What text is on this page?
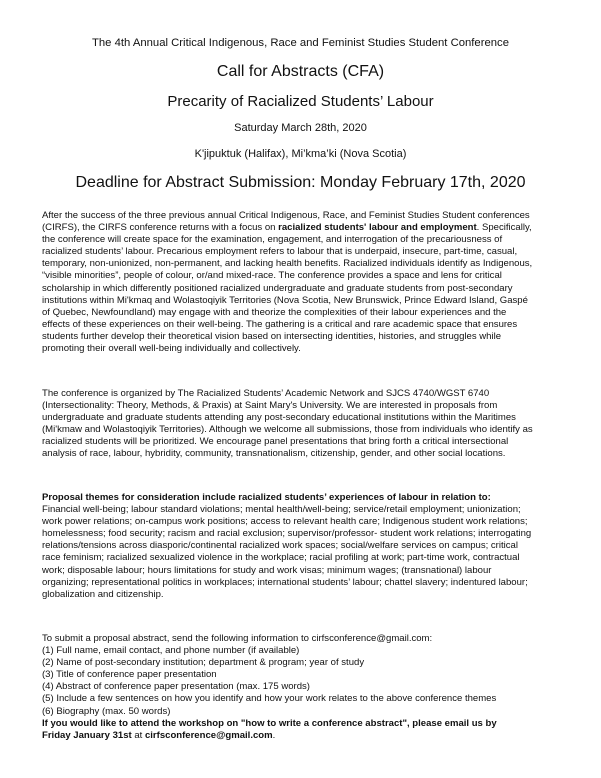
The 4th Annual Critical Indigenous, Race and Feminist Studies Student Conference
Call for Abstracts (CFA)
Precarity of Racialized Students’ Labour
Saturday March 28th, 2020
K'jipuktuk (Halifax), Mi’kma’ki (Nova Scotia)
Deadline for Abstract Submission: Monday February 17th, 2020
After the success of the three previous annual Critical Indigenous, Race, and Feminist Studies Student conferences
(CIRFS), the CIRFS conference returns with a focus on racialized students' labour and employment. Specifically,
the conference will create space for the examination, engagement, and interrogation of the precariousness of
racialized students’ labour. Precarious employment refers to labour that is underpaid, insecure, part-time, casual,
temporary, non-unionized, non-permanent, and lacking health benefits. Racialized individuals identify as Indigenous,
“visible minorities”, people of colour, or/and mixed-race. The conference provides a space and lens for critical
scholarship in which differently positioned racialized undergraduate and graduate students from post-secondary
institutions within Mi'kmaq and Wolastoqiyik Territories (Nova Scotia, New Brunswick, Prince Edward Island, Gaspé
of Quebec, Newfoundland) may engage with and theorize the complexities of their labour experiences and the
effects of these experiences on their well-being. The gathering is a critical and rare academic space that ensures
students further develop their theoretical vision based on intersecting identities, histories, and struggles while
promoting their overall well-being individually and collectively.
The conference is organized by The Racialized Students’ Academic Network and SJCS 4740/WGST 6740
(Intersectionality: Theory, Methods, & Praxis) at Saint Mary's University. We are interested in proposals from
undergraduate and graduate students attending any post-secondary educational institutions within the Maritimes
(Mi'kmaw and Wolastoqiyik Territories). Although we welcome all submissions, those from individuals who identify as
racialized students will be prioritized. We encourage panel presentations that bring forth a critical intersectional
analysis of race, labour, hybridity, community, transnationalism, citizenship, gender, and other social locations.
Proposal themes for consideration include racialized students’ experiences of labour in relation to:
Financial well-being; labour standard violations; mental health/well-being; service/retail employment; unionization;
work power relations; on-campus work positions; access to relevant health care; Indigenous student work relations;
homelessness; food security; racism and racial exclusion; supervisor/professor- student work relations; interrogating
relations/tensions across diasporic/continental racialized work spaces; social/welfare services on campus; critical
race feminism; racialized sexualized violence in the workplace; racial profiling at work; part-time work, contractual
work; disposable labour; hours limitations for study and work visas; minimum wages; (transnational) labour
organizing; representational politics in workplaces; international students’ labour; chattel slavery; indentured labour;
globalization and citizenship.
To submit a proposal abstract, send the following information to cirfsconference@gmail.com:
(1) Full name, email contact, and phone number (if available)
(2) Name of post-secondary institution; department & program; year of study
(3) Title of conference paper presentation
(4) Abstract of conference paper presentation (max. 175 words)
(5) Include a few sentences on how you identify and how your work relates to the above conference themes
(6) Biography (max. 50 words)
If you would like to attend the workshop on "how to write a conference abstract", please email us by
Friday January 31st at cirfsconference@gmail.com.
